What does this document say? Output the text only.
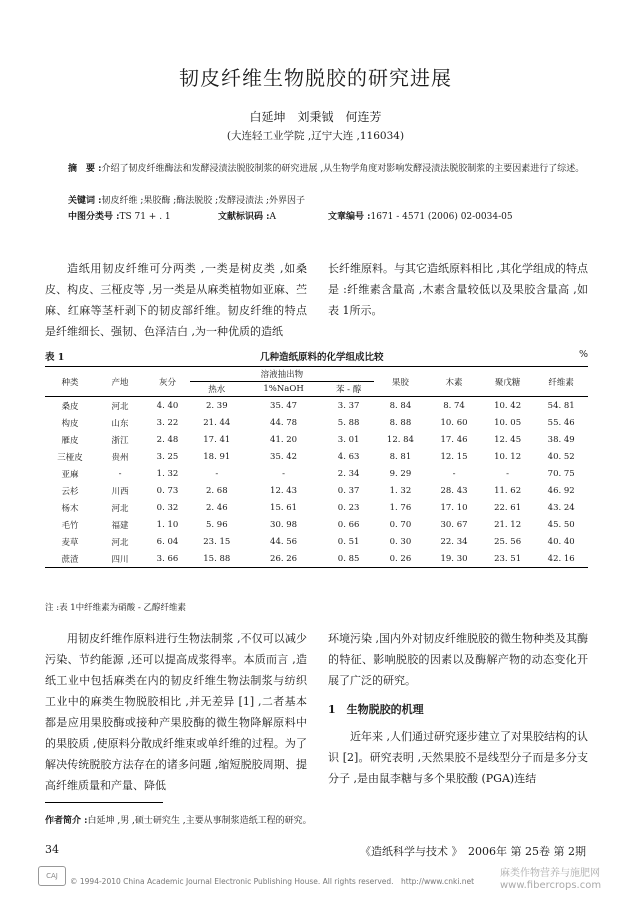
韧皮纤维生物脱胶的研究进展
白延坤　刘秉钺　何连芳
(大连轻工业学院 ,辽宁大连 ,116034)
摘　要 :介绍了韧皮纤维酶法和发酵浸渍法脱胶制浆的研究进展 ,从生物学角度对影响发酵浸渍法脱胶制浆的主要因素进行了综述。
关键词 :韧皮纤维 ;果胶酶 ;酶法脱胶 ;发酵浸渍法 ;外界因子
中图分类号 :TS 71 + . 1	文献标识码 :A	文章编号 :1671 - 4571 (2006) 02-0034-05
造纸用韧皮纤维可分两类 ,一类是树皮类 ,如桑皮、构皮、三桠皮等 ,另一类是从麻类植物如亚麻、苎麻、红麻等茎杆剥下的韧皮部纤维。韧皮纤维的特点是纤维细长、强韧、色泽洁白 ,为一种优质的造纸
长纤维原料。与其它造纸原料相比 ,其化学组成的特点是 :纤维素含量高 ,木素含量较低以及果胶含量高 ,如表 1所示。
表 1	几种造纸原料的化学组成比较	%
种类	产地	灰分	溶液抽出物			果胶	木素	聚戊糖	纤维素
			热水	1%NaOH	苯 - 醇				
桑皮	河北	4. 40	2. 39	35. 47	3. 37	8. 84	8. 74	10. 42	54. 81
构皮	山东	3. 22	21. 44	44. 78	5. 88	8. 88	10. 60	10. 05	55. 46
雁皮	浙江	2. 48	17. 41	41. 20	3. 01	12. 84	17. 46	12. 45	38. 49
三桠皮	贵州	3. 25	18. 91	35. 42	4. 63	8. 81	12. 15	10. 12	40. 52
亚麻	-	1. 32	-	-	2. 34	9. 29	-	-	70. 75
云杉	川西	0. 73	2. 68	12. 43	0. 37	1. 32	28. 43	11. 62	46. 92
杨木	河北	0. 32	2. 46	15. 61	0. 23	1. 76	17. 10	22. 61	43. 24
毛竹	福建	1. 10	5. 96	30. 98	0. 66	0. 70	30. 67	21. 12	45. 50
麦草	河北	6. 04	23. 15	44. 56	0. 51	0. 30	22. 34	25. 56	40. 40
蔗渣	四川	3. 66	15. 88	26. 26	0. 85	0. 26	19. 30	23. 51	42. 16
注 :表 1中纤维素为硝酸 - 乙醇纤维素
用韧皮纤维作原料进行生物法制浆 ,不仅可以减少污染、节约能源 ,还可以提高成浆得率。本质而言 ,造纸工业中包括麻类在内的韧皮纤维生物法制浆与纺织工业中的麻类生物脱胶相比 ,并无差异 [1] ,二者基本都是应用果胶酶或接种产果胶酶的微生物降解原料中的果胶质 ,使原料分散成纤维束或单纤维的过程。为了解决传统脱胶方法存在的诸多问题 ,缩短脱胶周期、提高纤维质量和产量、降低
环境污染 ,国内外对韧皮纤维脱胶的微生物种类及其酶的特征、影响脱胶的因素以及酶解产物的动态变化开展了广泛的研究。
1　生物脱胶的机理
近年来 ,人们通过研究逐步建立了对果胶结构的认识 [2]。研究表明 ,天然果胶不是线型分子而是多分支分子 ,是由鼠李糖与多个果胶酸 (PGA)连结
作者简介 :白延坤 ,男 ,硕士研究生 ,主要从事制浆造纸工程的研究。
34	《造纸科学与技术 》　2006年 第 25卷 第 2期
CAJ
© 1994-2010 China Academic Journal Electronic Publishing House. All rights reserved.　http://www.cnki.net
麻类作物营养与施肥网
www.fibercrops.com
